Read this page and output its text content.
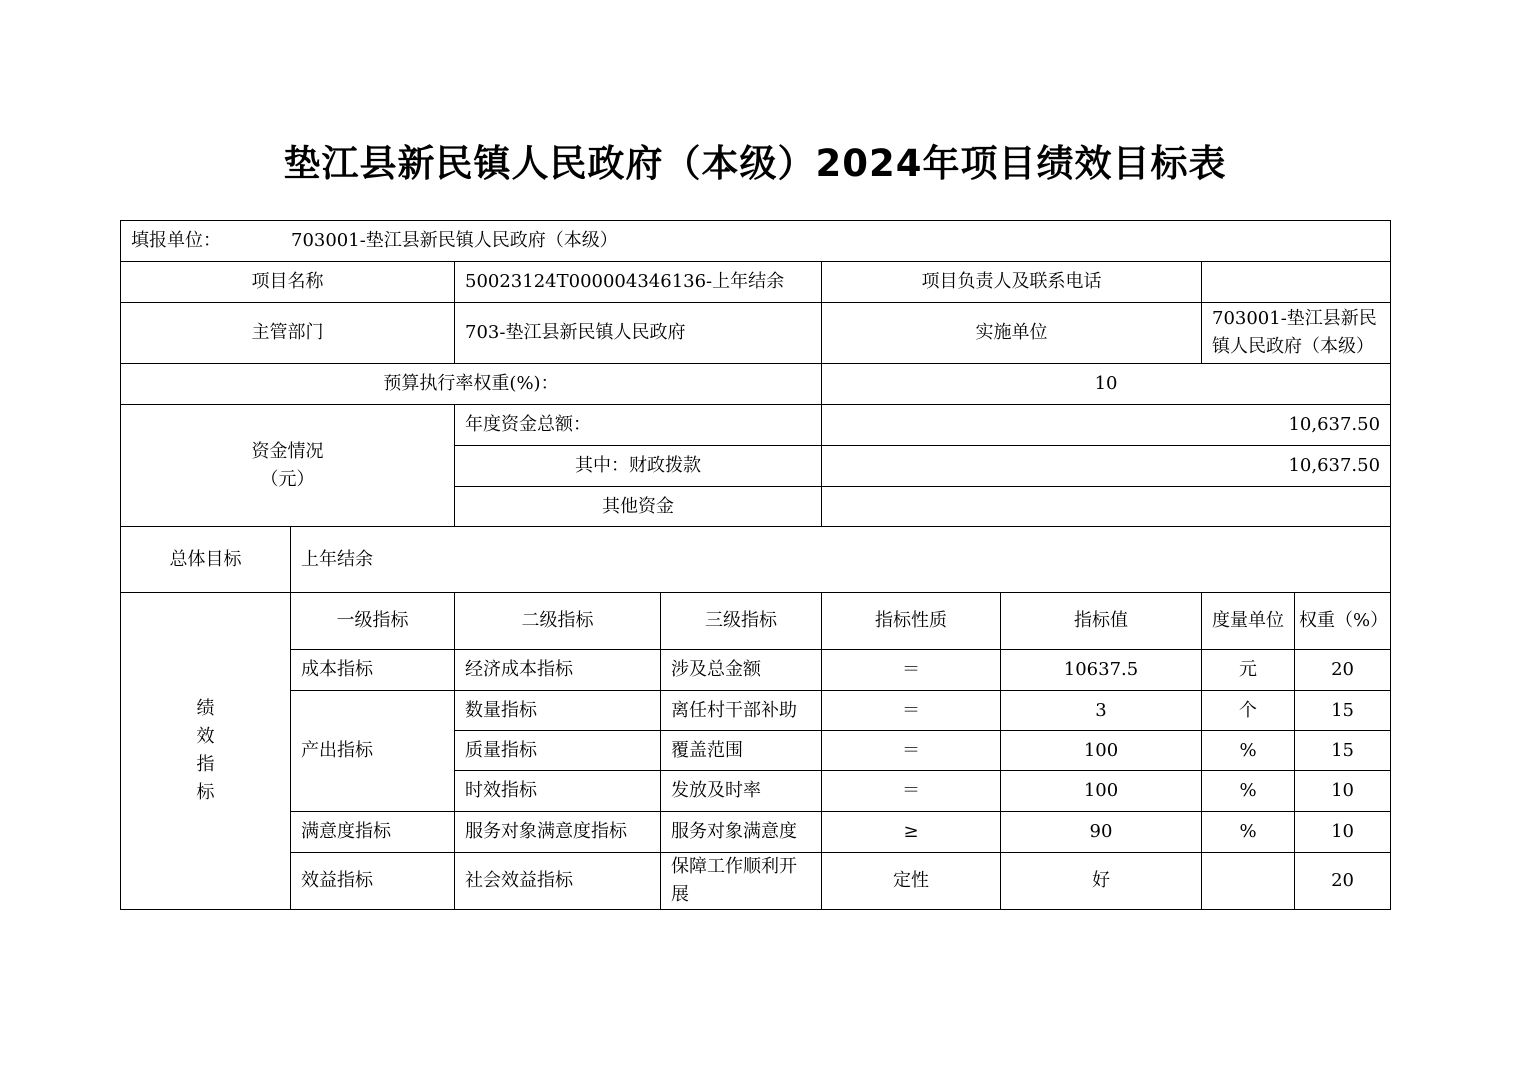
垫江县新民镇人民政府（本级）2024年项目绩效目标表
填报单位： 703001-垫江县新民镇人民政府（本级）							
项目名称		50023124T000004346136-上年结余		项目负责人及联系电话			
主管部门		703-垫江县新民镇人民政府		实施单位		703001-垫江县新民镇人民政府（本级）	
预算执行率权重(%)：				10			

资金情况
（元）		年度资金总额：		10,637.50			
		其中：财政拨款		10,637.50			
		其他资金					
总体目标	上年结余						

绩
效
指
标	一级指标	二级指标	三级指标	指标性质	指标值	度量单位	权重（%）
	成本指标	经济成本指标	涉及总金额	＝	10637.5	元	20
	产出指标	数量指标	离任村干部补助	＝	3	个	15
		质量指标	覆盖范围	＝	100	%	15
		时效指标	发放及时率	＝	100	%	10
	满意度指标	服务对象满意度指标	服务对象满意度	≥	90	%	10
	效益指标	社会效益指标	保障工作顺利开展	定性	好		20
